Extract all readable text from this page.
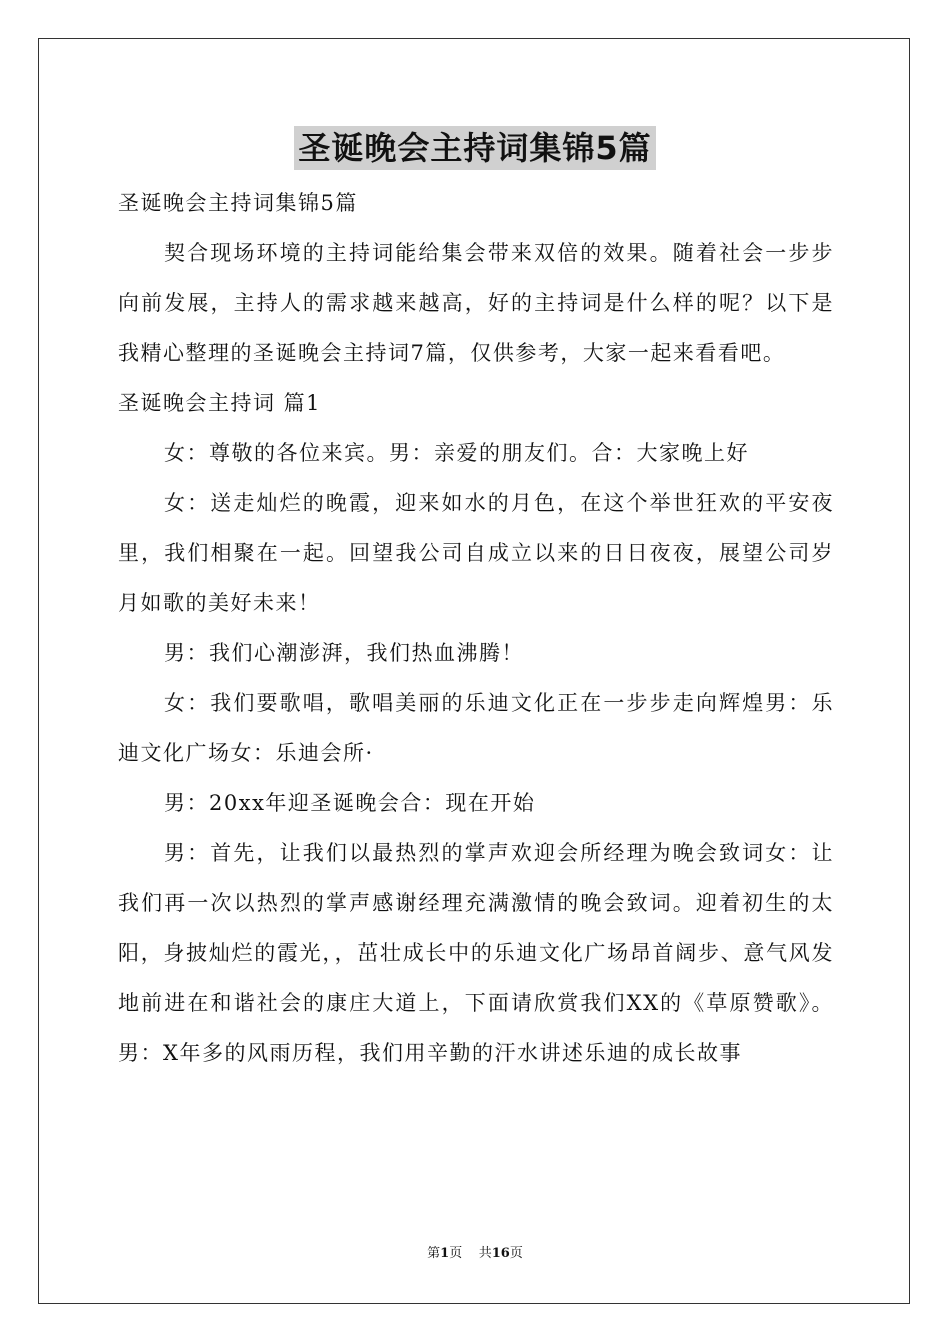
圣诞晚会主持词集锦5篇

圣诞晚会主持词集锦5篇

契合现场环境的主持词能给集会带来双倍的效果。随着社会一步步向前发展，主持人的需求越来越高，好的主持词是什么样的呢？以下是我精心整理的圣诞晚会主持词7篇，仅供参考，大家一起来看看吧。

圣诞晚会主持词 篇1

女：尊敬的各位来宾。男：亲爱的朋友们。合：大家晚上好

女：送走灿烂的晚霞，迎来如水的月色，在这个举世狂欢的平安夜里，我们相聚在一起。回望我公司自成立以来的日日夜夜，展望公司岁月如歌的美好未来！

男：我们心潮澎湃，我们热血沸腾！

女：我们要歌唱，歌唱美丽的乐迪文化正在一步步走向辉煌男：乐迪文化广场女：乐迪会所·

男：20xx年迎圣诞晚会合：现在开始

男：首先，让我们以最热烈的掌声欢迎会所经理为晚会致词女：让我们再一次以热烈的掌声感谢经理充满激情的晚会致词。迎着初生的太阳，身披灿烂的霞光，，茁壮成长中的乐迪文化广场昂首阔步、意气风发地前进在和谐社会的康庄大道上，下面请欣赏我们XX的《草原赞歌》。男：X年多的风雨历程，我们用辛勤的汗水讲述乐迪的成长故事

第1页 共16页
